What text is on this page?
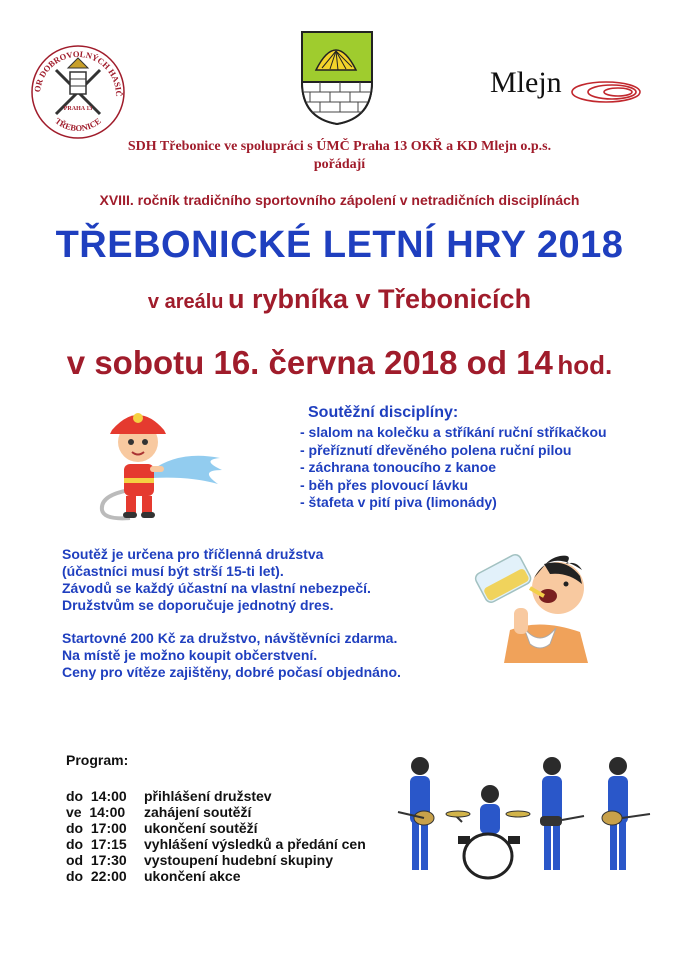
OR DOBROVOLNÝCH HASIČ
PRAHA 13
TŘEBONICE
Mlejn
SDH Třebonice ve spolupráci s ÚMČ Praha 13 OKŘ a KD Mlejn o.p.s.
pořádají
XVIII. ročník tradičního sportovního zápolení v netradičních disciplínách
TŘEBONICKÉ LETNÍ HRY 2018
v areálu u rybníka v Třebonicích
v sobotu 16. června 2018 od 14 hod.
Soutěžní disciplíny:
- slalom na kolečku a stříkání ruční stříkačkou
- přeříznutí dřevěného polena ruční pilou
- záchrana tonoucího z kanoe
- běh přes plovoucí lávku
- štafeta v pití piva (limonády)
Soutěž je určena pro tříčlenná družstva
(účastníci musí být strší 15-ti let).
Závodů se každý účastní na vlastní nebezpečí.
Družstvům se doporučuje jednotný dres.
Startovné 200 Kč za družstvo, návštěvníci zdarma.
Na místě je možno koupit občerstvení.
Ceny pro vítěze zajištěny, dobré počasí objednáno.
Program:
do  14:00 přihlášení družstev
ve  14:00 zahájení soutěží
do  17:00 ukončení soutěží
do  17:15 vyhlášení výsledků a předání cen
od  17:30 vystoupení hudební skupiny
do  22:00 ukončení akce
